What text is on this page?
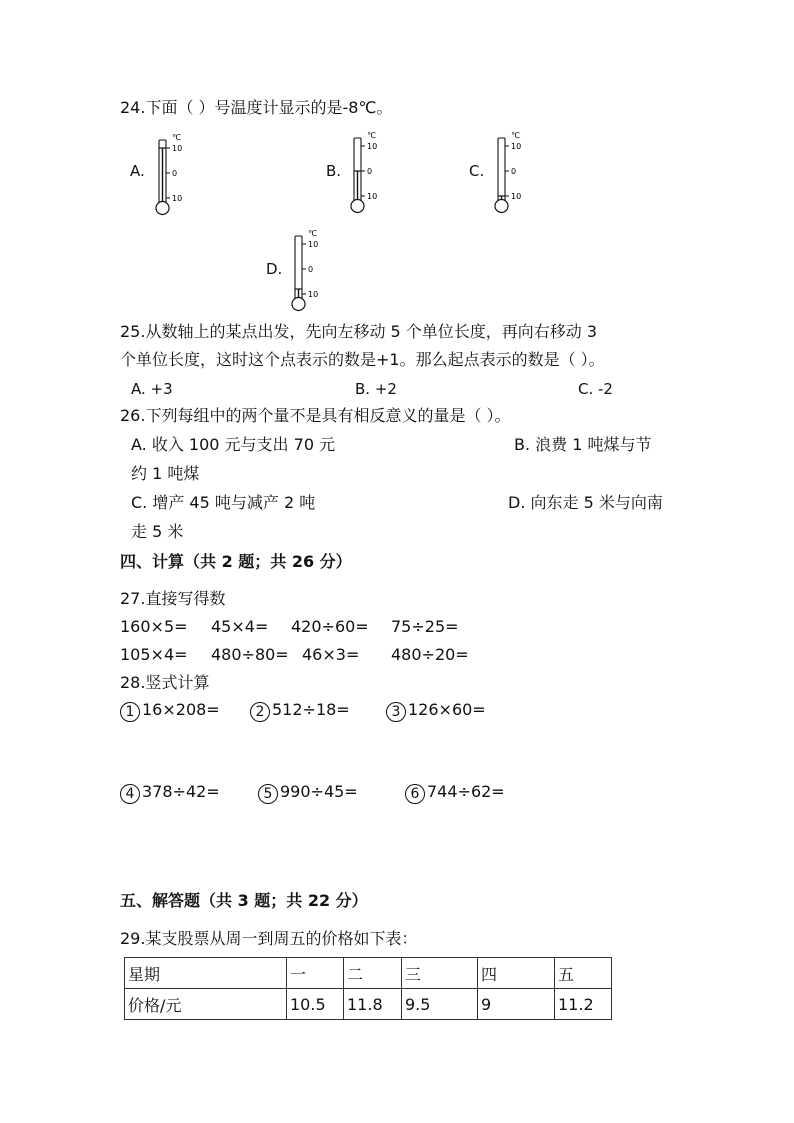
24.下面（ ）号温度计显示的是-8℃。
A.
℃
10
0
10
B.
℃
10
0
10
C.
℃
10
0
10
D.
℃
10
0
10
25.从数轴上的某点出发，先向左移动 5 个单位长度，再向右移动 3
个单位长度，这时这个点表示的数是+1。那么起点表示的数是（ ）。
A. +3	B. +2	C. -2
26.下列每组中的两个量不是具有相反意义的量是（ ）。
A. 收入 100 元与支出 70 元	B. 浪费 1 吨煤与节
约 1 吨煤
C. 增产 45 吨与减产 2 吨	D. 向东走 5 米与向南
走 5 米
四、计算（共 2 题；共 26 分）
27.直接写得数
160×5= 45×4= 420÷60= 75÷25=
105×4= 480÷80= 46×3= 480÷20=
28.竖式计算
1 16×208=	2 512÷18=	3 126×60=
4 378÷42=	5 990÷45=	6 744÷62=
五、解答题（共 3 题；共 22 分）
29.某支股票从周一到周五的价格如下表：
星期	一	二	三	四	五
价格/元	10.5	11.8	9.5	9	11.2
